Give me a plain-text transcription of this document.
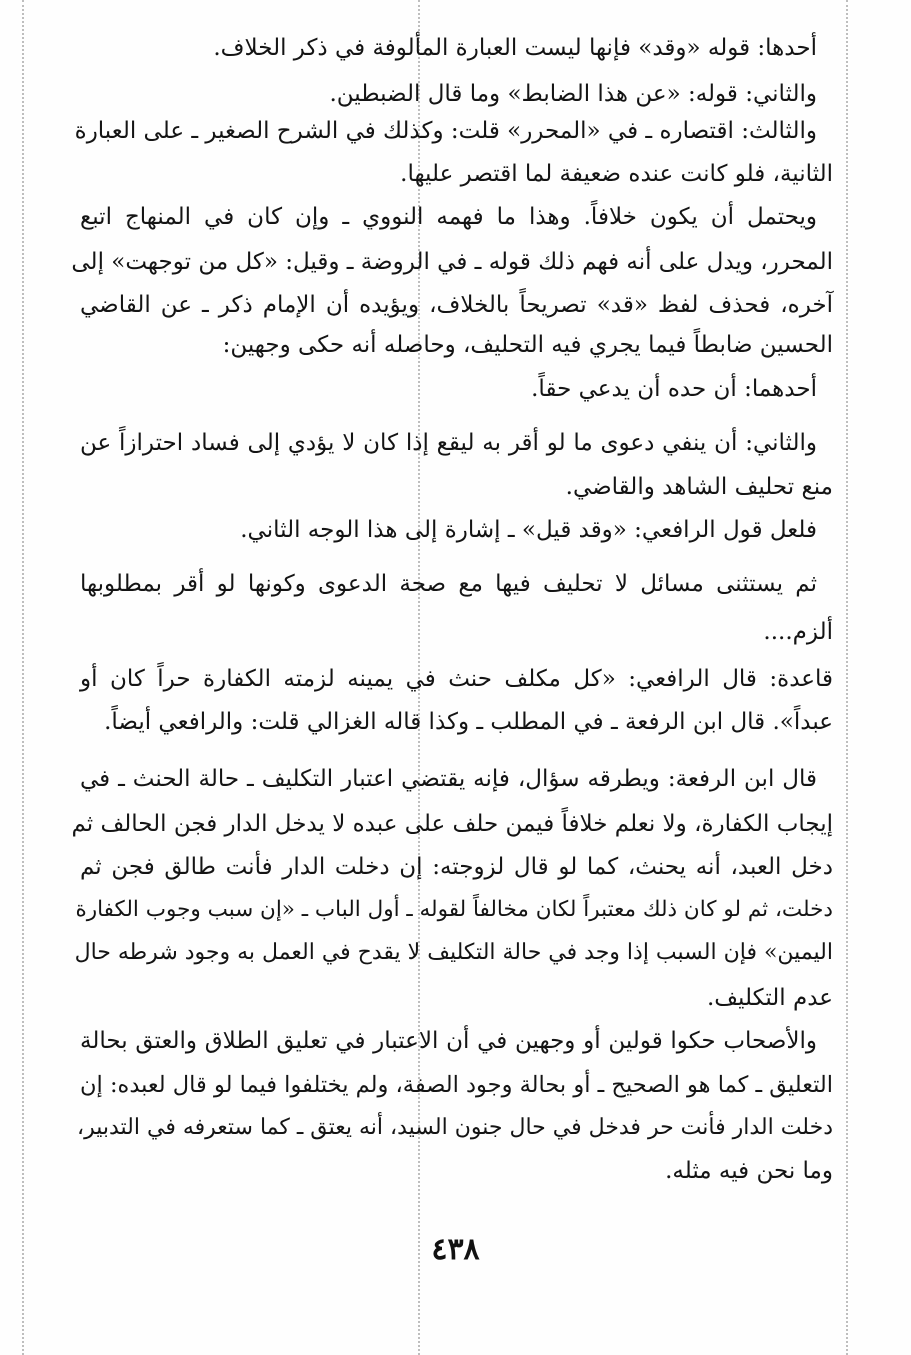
أحدها: قوله «وقد» فإنها ليست العبارة المألوفة في ذكر الخلاف.
والثاني: قوله: «عن هذا الضابط» وما قال الضبطين.
والثالث: اقتصاره ـ في «المحرر» قلت: وكذلك في الشرح الصغير ـ على العبارة
الثانية، فلو كانت عنده ضعيفة لما اقتصر عليها.
ويحتمل أن يكون خلافاً. وهذا ما فهمه النووي ـ وإن كان في المنهاج اتبع
المحرر، ويدل على أنه فهم ذلك قوله ـ في الروضة ـ وقيل: «كل من توجهت» إلى
آخره، فحذف لفظ «قد» تصريحاً بالخلاف، ويؤيده أن الإمام ذكر ـ عن القاضي
الحسين ضابطاً فيما يجري فيه التحليف، وحاصله أنه حكى وجهين:
أحدهما: أن حده أن يدعي حقاً.
والثاني: أن ينفي دعوى ما لو أقر به ليقع إذا كان لا يؤدي إلى فساد احترازاً عن
منع تحليف الشاهد والقاضي.
فلعل قول الرافعي: «وقد قيل» ـ إشارة إلى هذا الوجه الثاني.
ثم يستثنى مسائل لا تحليف فيها مع صحة الدعوى وكونها لو أقر بمطلوبها
ألزم....
قاعدة: قال الرافعي: «كل مكلف حنث في يمينه لزمته الكفارة حراً كان أو
عبداً». قال ابن الرفعة ـ في المطلب ـ وكذا قاله الغزالي قلت: والرافعي أيضاً.
قال ابن الرفعة: ويطرقه سؤال، فإنه يقتضي اعتبار التكليف ـ حالة الحنث ـ في
إيجاب الكفارة، ولا نعلم خلافاً فيمن حلف على عبده لا يدخل الدار فجن الحالف ثم
دخل العبد، أنه يحنث، كما لو قال لزوجته: إن دخلت الدار فأنت طالق فجن ثم
دخلت، ثم لو كان ذلك معتبراً لكان مخالفاً لقوله ـ أول الباب ـ «إن سبب وجوب الكفارة
اليمين» فإن السبب إذا وجد في حالة التكليف لا يقدح في العمل به وجود شرطه حال
عدم التكليف.
والأصحاب حكوا قولين أو وجهين في أن الاعتبار في تعليق الطلاق والعتق بحالة
التعليق ـ كما هو الصحيح ـ أو بحالة وجود الصفة، ولم يختلفوا فيما لو قال لعبده: إن
دخلت الدار فأنت حر فدخل في حال جنون السيد، أنه يعتق ـ كما ستعرفه في التدبير،
وما نحن فيه مثله.
٤٣٨
